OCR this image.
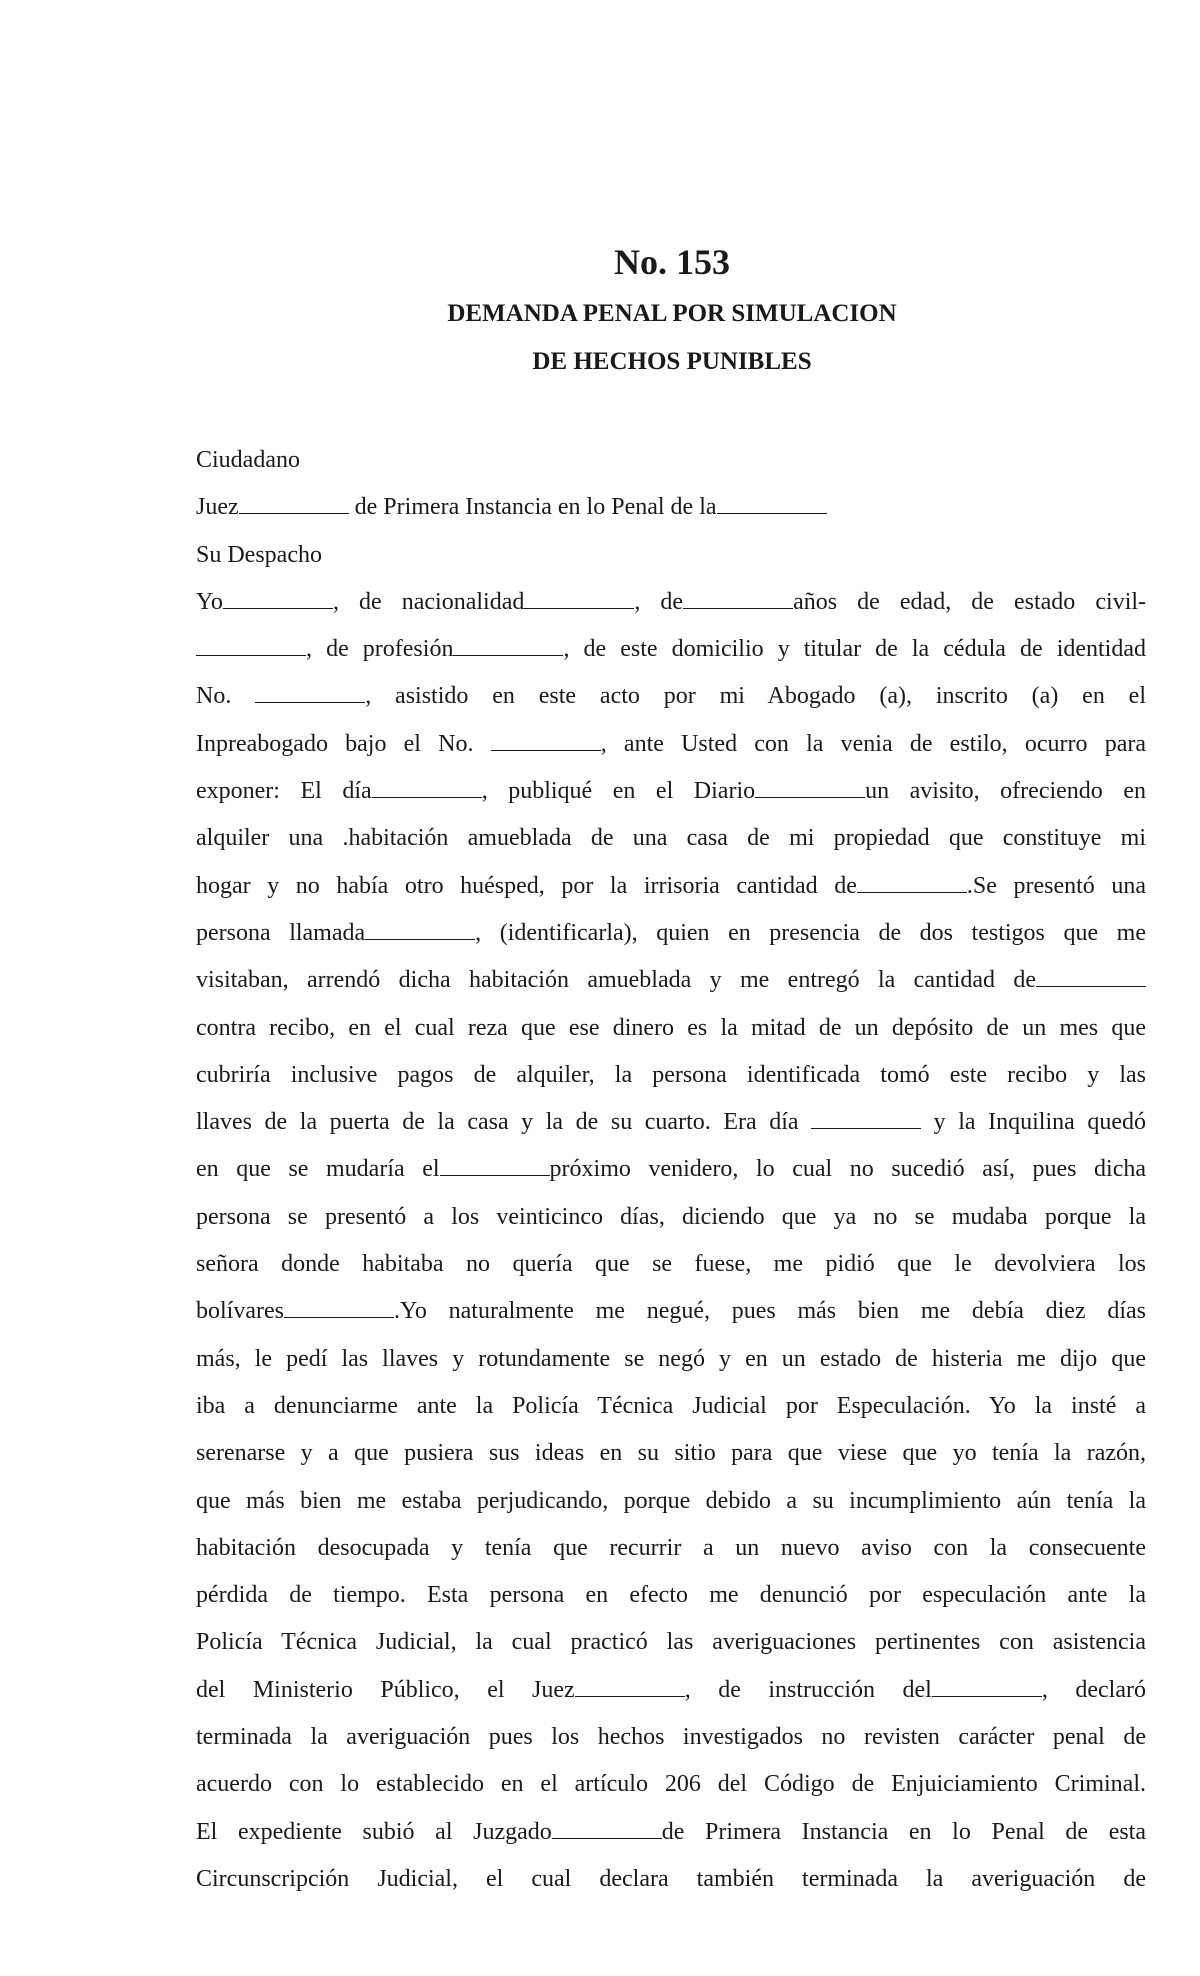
No. 153
DEMANDA PENAL POR SIMULACION
DE HECHOS PUNIBLES
Ciudadano
Juez	de Primera Instancia en lo Penal de la
Su Despacho
Yo	, de nacionalidad	, de	años de edad, de estado civil-
, de profesión	, de este domicilio y titular de la cédula de identidad
No.	, asistido en este acto por mi Abogado (a), inscrito (a) en el
Inpreabogado bajo el No.	, ante Usted con la venia de estilo, ocurro para
exponer: El día	, publiqué en el Diario	un avisito, ofreciendo en
alquiler una .habitación amueblada de una casa de mi propiedad que constituye mi
hogar y no había otro huésped, por la irrisoria cantidad de	.Se presentó una
persona llamada	, (identificarla), quien en presencia de dos testigos que me
visitaban, arrendó dicha habitación amueblada y me entregó la cantidad de
contra recibo, en el cual reza que ese dinero es la mitad de un depósito de un mes que
cubriría inclusive pagos de alquiler, la persona identificada tomó este recibo y las
llaves de la puerta de la casa y la de su cuarto. Era día	y la Inquilina quedó
en que se mudaría el	próximo venidero, lo cual no sucedió así, pues dicha
persona se presentó a los veinticinco días, diciendo que ya no se mudaba porque la
señora donde habitaba no quería que se fuese, me pidió que le devolviera los
bolívares	.Yo naturalmente me negué, pues más bien me debía diez días
más, le pedí las llaves y rotundamente se negó y en un estado de histeria me dijo que
iba a denunciarme ante la Policía Técnica Judicial por Especulación. Yo la insté a
serenarse y a que pusiera sus ideas en su sitio para que viese que yo tenía la razón,
que más bien me estaba perjudicando, porque debido a su incumplimiento aún tenía la
habitación desocupada y tenía que recurrir a un nuevo aviso con la consecuente
pérdida de tiempo. Esta persona en efecto me denunció por especulación ante la
Policía Técnica Judicial, la cual practicó las averiguaciones pertinentes con asistencia
del Ministerio Público, el Juez	, de instrucción del	, declaró
terminada la averiguación pues los hechos investigados no revisten carácter penal de
acuerdo con lo establecido en el artículo 206 del Código de Enjuiciamiento Criminal.
El expediente subió al Juzgado	de Primera Instancia en lo Penal de esta
Circunscripción Judicial, el cual declara también terminada la averiguación de
